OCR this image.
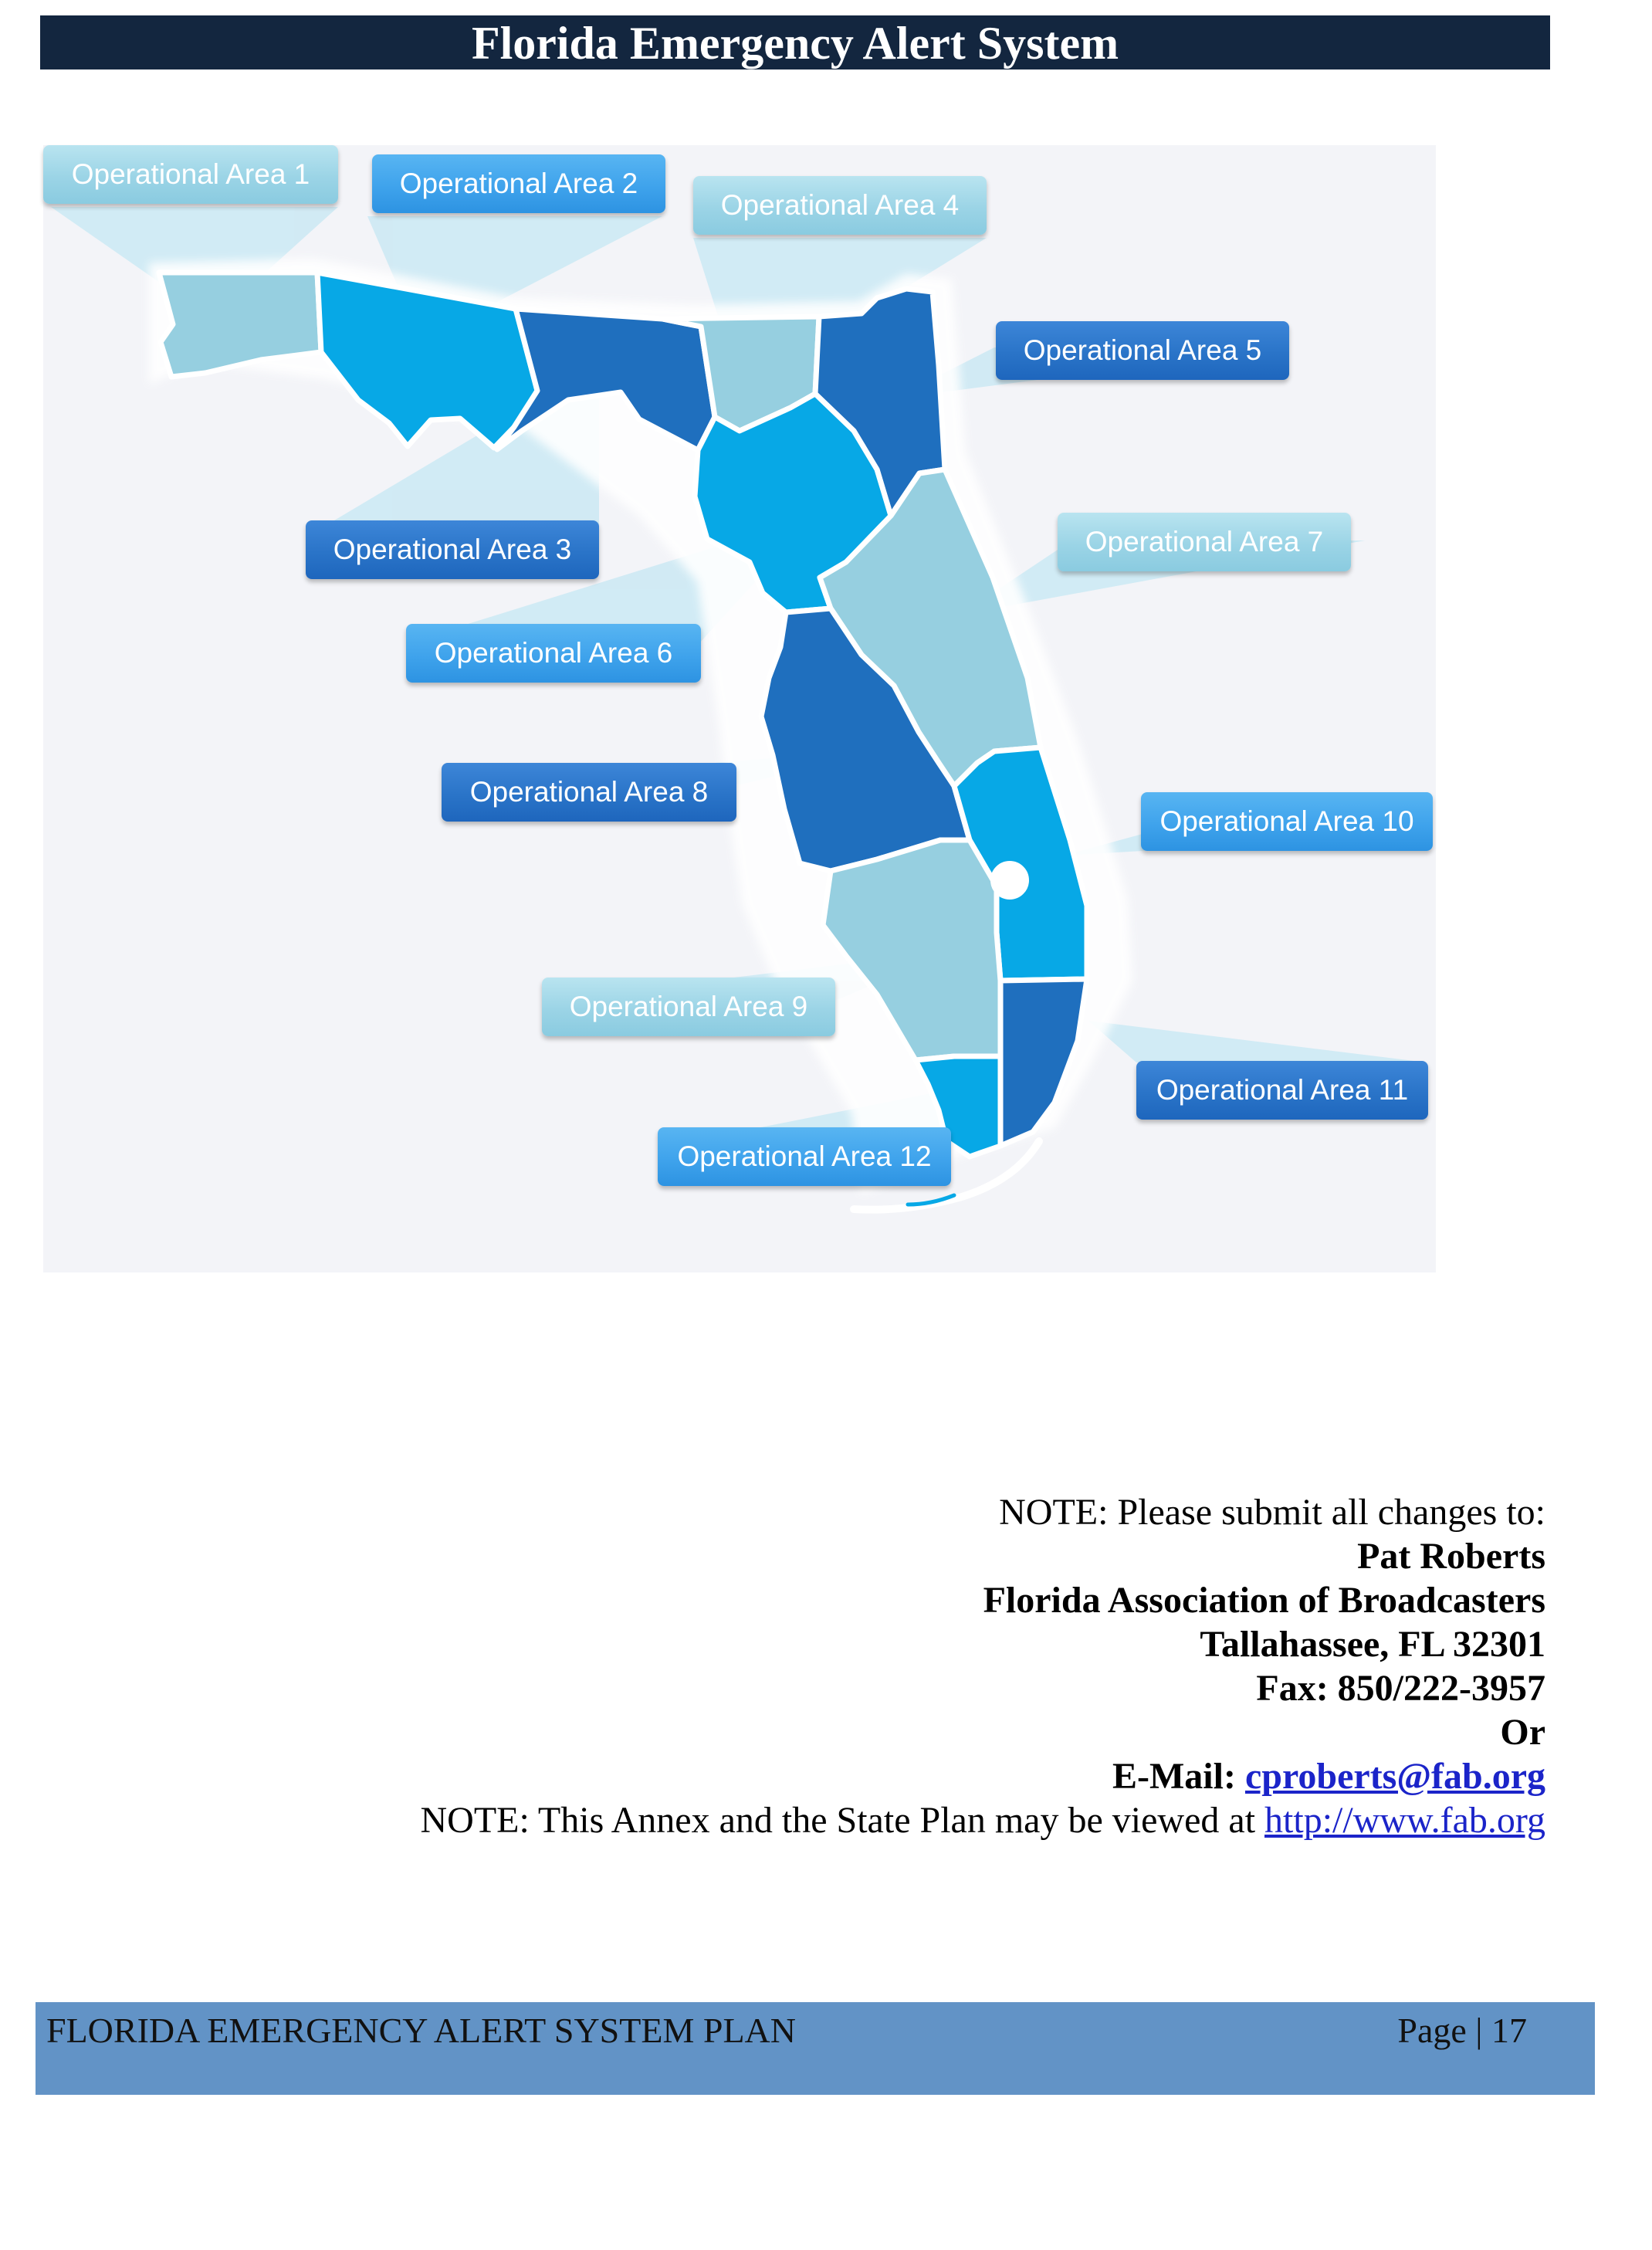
Florida Emergency Alert System
Operational Area 1	Operational Area 2
Operational Area 4
Operational Area 5
Operational Area 3	Operational Area 7
Operational Area 6
Operational Area 8
Operational Area 10
Operational Area 9
Operational Area 11
Operational Area 12
NOTE: Please submit all changes to:
Pat Roberts
Florida Association of Broadcasters
Tallahassee, FL 32301
Fax: 850/222-3957
Or
E-Mail: cproberts@fab.org
NOTE: This Annex and the State Plan may be viewed at http://www.fab.org
FLORIDA EMERGENCY ALERT SYSTEM PLAN	Page | 17
